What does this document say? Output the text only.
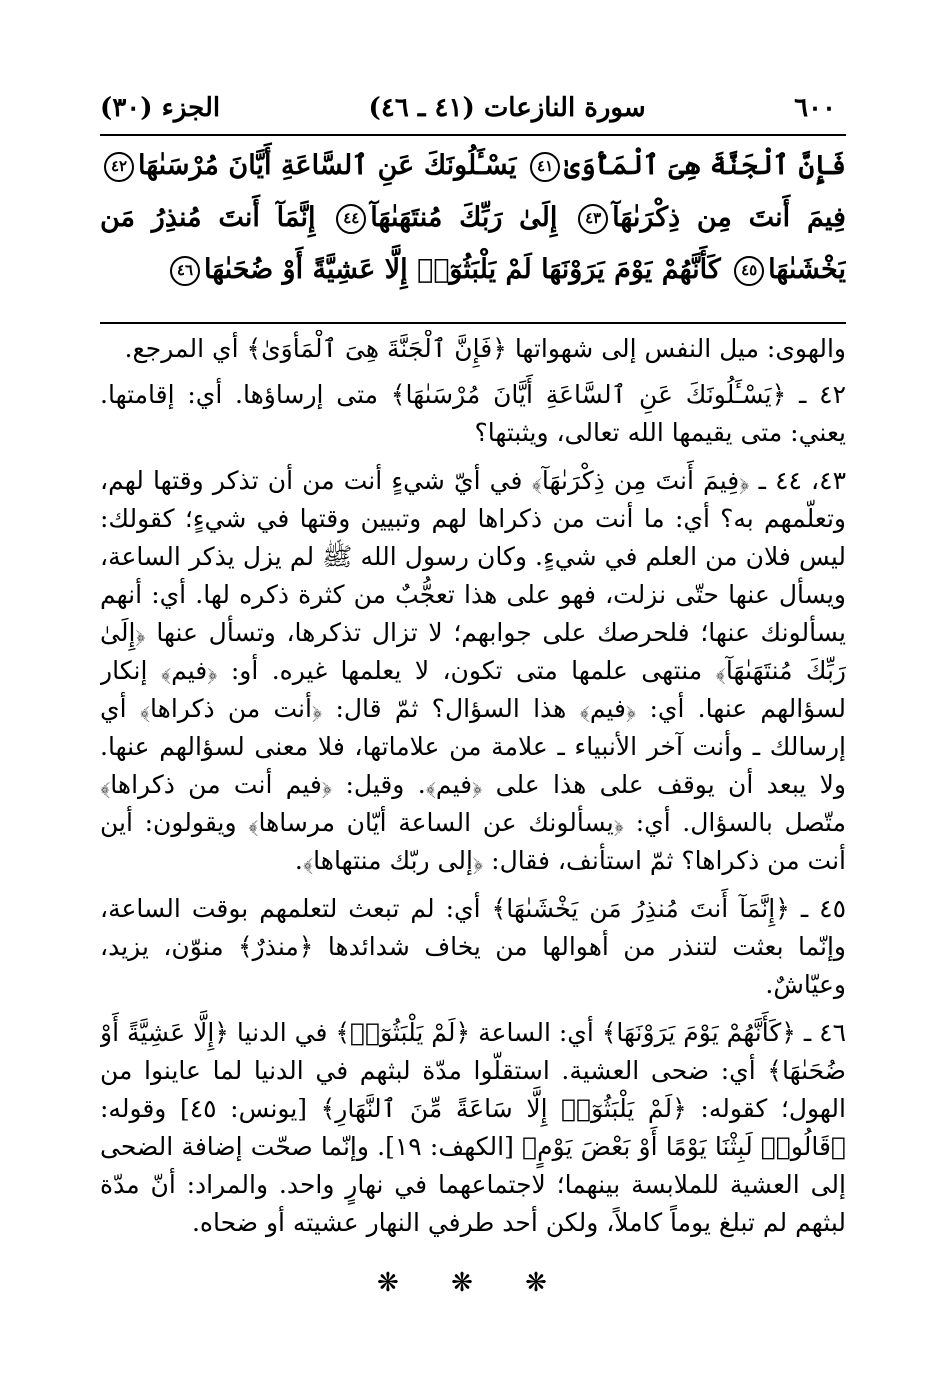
٦٠٠
سورة النازعات (٤١ ـ ٤٦)
الجزء (٣٠)
فَإِنَّ ٱلْجَنَّةَ هِىَ ٱلْمَأْوَىٰ٤١ يَسْـَٔلُونَكَ عَنِ ٱلسَّاعَةِ أَيَّانَ مُرْسَىٰهَا٤٢ فِيمَ أَنتَ مِن ذِكْرَىٰهَآ٤٣ إِلَىٰ رَبِّكَ مُنتَهَىٰهَآ٤٤ إِنَّمَآ أَنتَ مُنذِرُ مَن يَخْشَىٰهَا٤٥ كَأَنَّهُمْ يَوْمَ يَرَوْنَهَا لَمْ يَلْبَثُوٓا۟ إِلَّا عَشِيَّةً أَوْ ضُحَىٰهَا٤٦

والهوى: ميل النفس إلى شهواتها ﴿فَإِنَّ ٱلْجَنَّةَ هِىَ ٱلْمَأْوَىٰ﴾ أي المرجع.

٤٢ ـ ﴿يَسْـَٔلُونَكَ عَنِ ٱلسَّاعَةِ أَيَّانَ مُرْسَىٰهَا﴾ متى إرساؤها. أي: إقامتها. يعني: متى يقيمها الله تعالى، ويثبتها؟

٤٣، ٤٤ ـ ﴿فِيمَ أَنتَ مِن ذِكْرَىٰهَآ﴾ في أيّ شيءٍ أنت من أن تذكر وقتها لهم، وتعلّمهم به؟ أي: ما أنت من ذكراها لهم وتبيين وقتها في شيءٍ؛ كقولك: ليس فلان من العلم في شيءٍ. وكان رسول الله ﷺ لم يزل يذكر الساعة، ويسأل عنها حتّى نزلت، فهو على هذا تعجُّبٌ من كثرة ذكره لها. أي: أنهم يسألونك عنها؛ فلحرصك على جوابهم؛ لا تزال تذكرها، وتسأل عنها ﴿إِلَىٰ رَبِّكَ مُنتَهَىٰهَآ﴾ منتهى علمها متى تكون، لا يعلمها غيره. أو: ﴿فيم﴾ إنكار لسؤالهم عنها. أي: ﴿فيم﴾ هذا السؤال؟ ثمّ قال: ﴿أنت من ذكراها﴾ أي إرسالك ـ وأنت آخر الأنبياء ـ علامة من علاماتها، فلا معنى لسؤالهم عنها. ولا يبعد أن يوقف على هذا على ﴿فيم﴾. وقيل: ﴿فيم أنت من ذكراها﴾ متّصل بالسؤال. أي: ﴿يسألونك عن الساعة أيّان مرساها﴾ ويقولون: أين أنت من ذكراها؟ ثمّ استأنف، فقال: ﴿إلى ربّك منتهاها﴾.

٤٥ ـ ﴿إِنَّمَآ أَنتَ مُنذِرُ مَن يَخْشَىٰهَا﴾ أي: لم تبعث لتعلمهم بوقت الساعة، وإنّما بعثت لتنذر من أهوالها من يخاف شدائدها ﴿منذرٌ﴾ منوّن، يزيد، وعيّاشٌ.

٤٦ ـ ﴿كَأَنَّهُمْ يَوْمَ يَرَوْنَهَا﴾ أي: الساعة ﴿لَمْ يَلْبَثُوٓا۟﴾ في الدنيا ﴿إِلَّا عَشِيَّةً أَوْ ضُحَىٰهَا﴾ أي: ضحى العشية. استقلّوا مدّة لبثهم في الدنيا لما عاينوا من الهول؛ كقوله: ﴿لَمْ يَلْبَثُوٓا۟ إِلَّا سَاعَةً مِّنَ ٱلنَّهَارِ﴾ [يونس: ٤٥] وقوله: ﴿قَالُوا۟ لَبِثْنَا يَوْمًا أَوْ بَعْضَ يَوْمٍ﴾ [الكهف: ١٩]. وإنّما صحّت إضافة الضحى إلى العشية للملابسة بينهما؛ لاجتماعهما في نهارٍ واحد. والمراد: أنّ مدّة لبثهم لم تبلغ يوماً كاملاً، ولكن أحد طرفي النهار عشيته أو ضحاه.

❋ ❋ ❋
